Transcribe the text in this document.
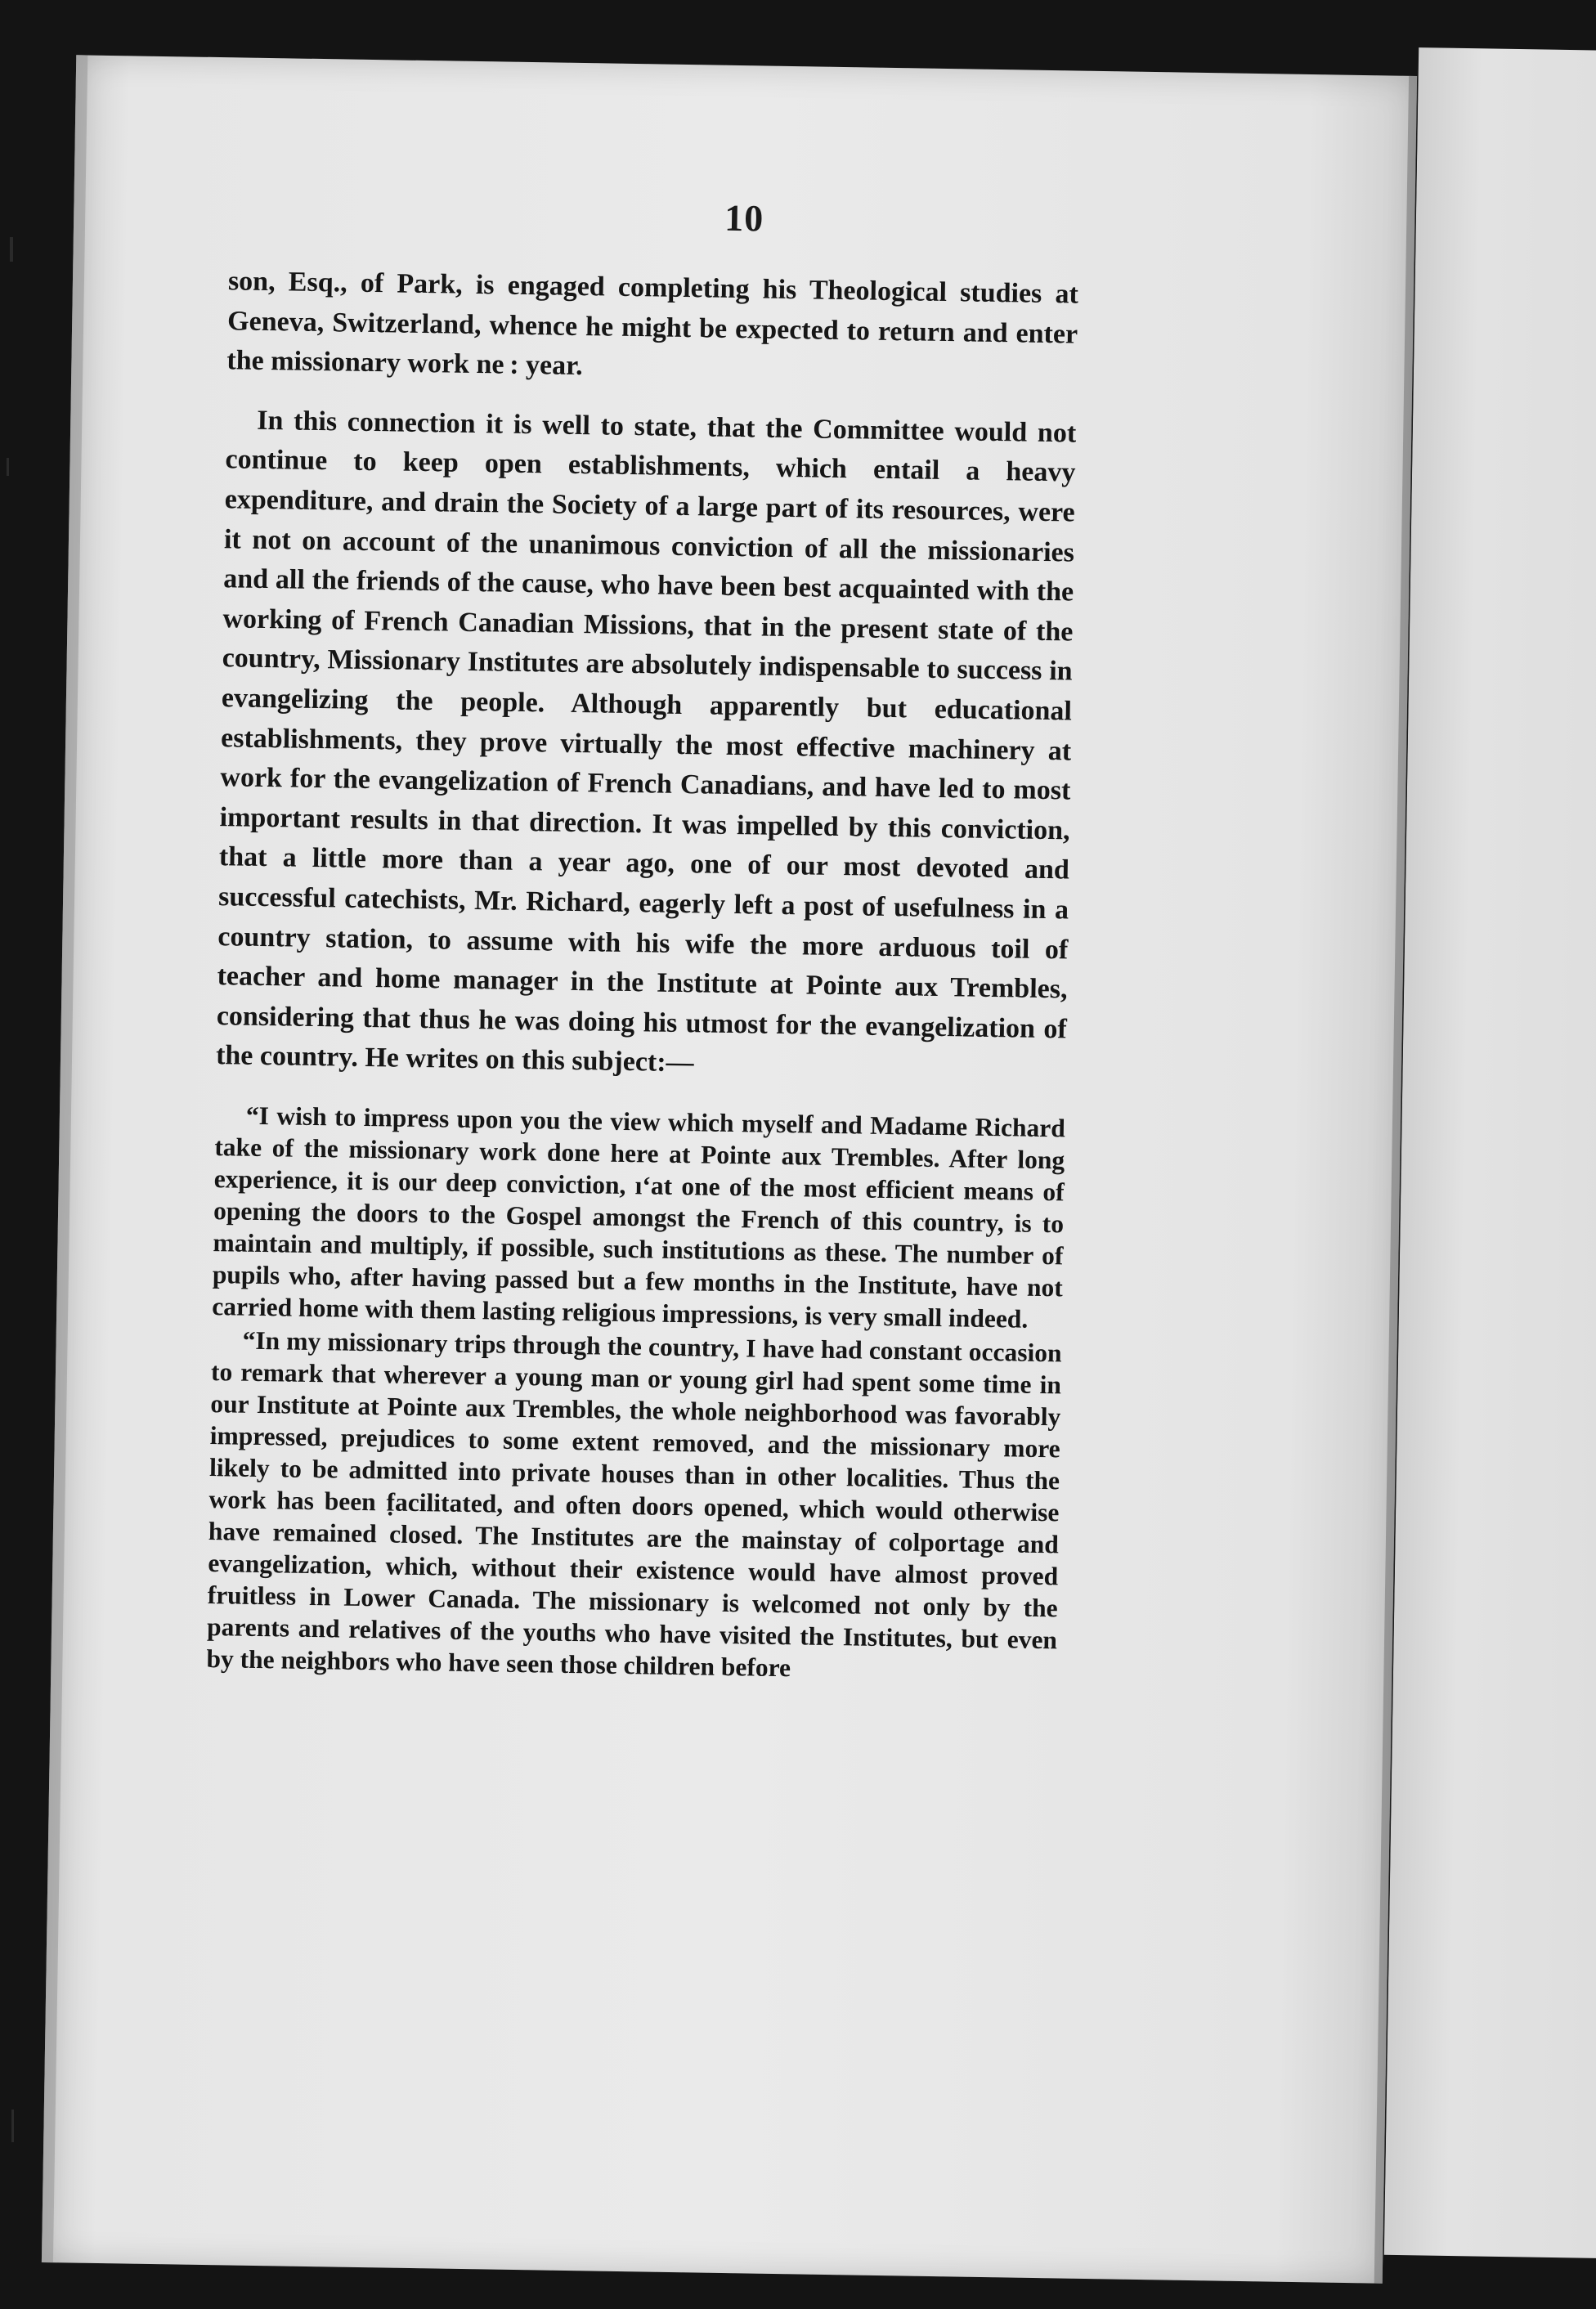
10

son, Esq., of Park, is engaged completing his Theological studies at Geneva, Switzerland, whence he might be expected to return and enter the missionary work ne : year.

In this connection it is well to state, that the Committee would not continue to keep open establishments, which entail a heavy expenditure, and drain the Society of a large part of its resources, were it not on account of the unanimous conviction of all the missionaries and all the friends of the cause, who have been best acquainted with the working of French Canadian Missions, that in the present state of the country, Missionary Institutes are absolutely indispensable to success in evangelizing the people. Although apparently but educational establishments, they prove virtually the most effective machinery at work for the evangelization of French Canadians, and have led to most important results in that direction. It was impelled by this conviction, that a little more than a year ago, one of our most devoted and successful catechists, Mr. Richard, eagerly left a post of usefulness in a country station, to assume with his wife the more arduous toil of teacher and home manager in the Institute at Pointe aux Trembles, considering that thus he was doing his utmost for the evangelization of the country. He writes on this subject:—

“I wish to impress upon you the view which myself and Madame Richard take of the missionary work done here at Pointe aux Trembles. After long experience, it is our deep conviction, ıʻat one of the most efficient means of opening the doors to the Gospel amongst the French of this country, is to maintain and multiply, if possible, such institutions as these. The number of pupils who, after having passed but a few months in the Institute, have not carried home with them lasting religious impressions, is very small indeed.

“In my missionary trips through the country, I have had constant occasion to remark that wherever a young man or young girl had spent some time in our Institute at Pointe aux Trembles, the whole neighborhood was favorably impressed, prejudices to some extent removed, and the missionary more likely to be admitted into private houses than in other localities. Thus the work has been f̣acilitated, and often doors opened, which would otherwise have remained closed. The Institutes are the mainstay of colportage and evangelization, which, without their existence would have almost proved fruitless in Lower Canada. The missionary is welcomed not only by the parents and relatives of the youths who have visited the Institutes, but even by the neighbors who have seen those children before
